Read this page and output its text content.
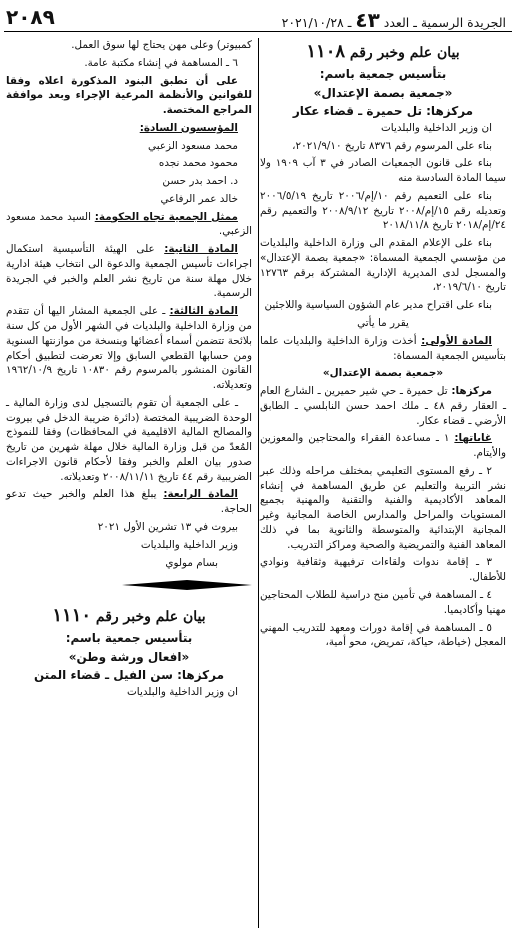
الجريدة الرسمية ـ العدد ٤٣ ـ ٢٠٢١/١٠/٢٨
٢٠٨٩
بيان علم وخبر رقم ١١٠٨
بتأسيس جمعية باسم:
«جمعية بصمة الإعتدال»
مركزها: تل حميرة ـ قضاء عكار

ان وزير الداخلية والبلديات

بناء على المرسوم رقم ٨٣٧٦ تاريخ ٢٠٢١/٩/١٠،

بناء على قانون الجمعيات الصادر في ٣ آب ١٩٠٩ ولا سيما المادة السادسة منه

بناء على التعميم رقم ١٠/إم/٢٠٠٦ تاريخ ٢٠٠٦/٥/١٩ وتعديله رقم ١٥/إم/٢٠٠٨ تاريخ ٢٠٠٨/٩/١٢ والتعميم رقم ٢٤/إم/٢٠١٨ تاريخ ٢٠١٨/١١/٨

بناء على الإعلام المقدم الى وزارة الداخلية والبلديات من مؤسسي الجمعية المسماة: «جمعية بصمة الإعتدال» والمسجل لدى المديرية الإدارية المشتركة برقم ١٢٧٦٣ تاريخ ٢٠١٩/٦/١٠،

بناء على اقتراح مدير عام الشؤون السياسية واللاجئين

يقرر ما يأتي

المادة الأولى: أخذت وزارة الداخلية والبلديات علما بتأسيس الجمعية المسماة:

«جمعية بصمة الإعتدال»

مركزها: تل حميرة ـ حي شير حميرين ـ الشارع العام ـ العقار رقم ٤٨ ـ ملك احمد حسن النابلسي ـ الطابق الأرضي ـ قضاء عكار.

غاياتها: ١ ـ مساعدة الفقراء والمحتاجين والمعوزين والأيتام.

٢ ـ رفع المستوى التعليمي بمختلف مراحله وذلك عبر نشر التربية والتعليم عن طريق المساهمة في إنشاء المعاهد الأكاديمية والفنية والتقنية والمهنية بجميع المستويات والمراحل والمدارس الخاصة المجانية وغير المجانية الإبتدائية والمتوسطة والثانوية بما في ذلك المعاهد الفنية والتمريضية والصحية ومراكز التدريب.

٣ ـ إقامة ندوات ولقاءات ترفيهية وثقافية ونوادي للأطفال.

٤ ـ المساهمة في تأمين منح دراسية للطلاب المحتاجين مهنيا وأكاديميا.

٥ ـ المساهمة في إقامة دورات ومعهد للتدريب المهني المعجل (خياطة، حياكة، تمريض، محو أمية،

كمبيوتر) وعلى مهن يحتاج لها سوق العمل.

٦ ـ المساهمة في إنشاء مكتبة عامة.

على أن تطبق البنود المذكورة اعلاه وفقا للقوانين والأنظمة المرعية الإجراء وبعد موافقة المراجع المختصة.

المؤسسون السادة:

محمد مسعود الزعبي

محمود محمد نجده

د. احمد بدر حسن

خالد عمر الرفاعي

ممثل الجمعية تجاه الحكومة: السيد محمد مسعود الزعبي.

المادة الثانية: على الهيئة التأسيسية استكمال اجراءات تأسيس الجمعية والدعوة الى انتخاب هيئة ادارية خلال مهلة سنة من تاريخ نشر العلم والخبر في الجريدة الرسمية.

المادة الثالثة: ـ على الجمعية المشار اليها أن تتقدم من وزارة الداخلية والبلديات في الشهر الأول من كل سنة بلائحة تتضمن أسماء أعضائها وبنسخة من موازنتها السنوية ومن حسابها القطعي السابق وإلا تعرضت لتطبيق أحكام القانون المنشور بالمرسوم رقم ١٠٨٣٠ تاريخ ١٩٦٢/١٠/٩ وتعديلاته.

ـ على الجمعية أن تقوم بالتسجيل لدى وزارة المالية ـ الوحدة الضريبية المختصة (دائرة ضريبة الدخل في بيروت والمصالح المالية الاقليمية في المحافظات) وفقا للنموذج المُعدّ من قبل وزارة المالية خلال مهلة شهرين من تاريخ صدور بيان العلم والخبر وفقا لأحكام قانون الاجراءات الضريبية رقم ٤٤ تاريخ ٢٠٠٨/١١/١١ وتعديلاته.

المادة الرابعة: يبلغ هذا العلم والخبر حيث تدعو الحاجة.

بيروت في ١٣ تشرين الأول ٢٠٢١

وزير الداخلية والبلديات

بسام مولوي

بيان علم وخبر رقم ١١١٠
بتأسيس جمعية باسم:
«افعال ورشة وطن»
مركزها: سن الفيل ـ قضاء المتن

ان وزير الداخلية والبلديات
